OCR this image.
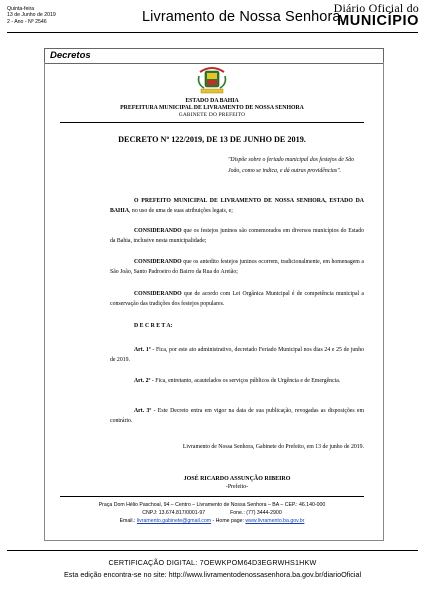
Quinta-feira
13 de Junho de 2019
2 - Ano - Nº 2546	Livramento de Nossa Senhora
Diário Oficial do
MUNICÍPIO
Decretos
ESTADO DA BAHIA
PREFEITURA MUNICIPAL DE LIVRAMENTO DE NOSSA SENHORA
GABINETE DO PREFEITO
DECRETO Nº 122/2019, DE 13 DE JUNHO DE 2019.
"Dispõe sobre o feriado municipal dos festejos de São João, como se indica, e dá outras providências".
O PREFEITO MUNICIPAL DE LIVRAMENTO DE NOSSA SENHORA, ESTADO DA BAHIA, no uso de uma de suas atribuições legais, e;
CONSIDERANDO que os festejos juninos são comemorados em diversos municípios do Estado da Bahia, inclusive nesta municipalidade;
CONSIDERANDO que os antedito festejos juninos ocorrem, tradicionalmente, em homenagem a São João, Santo Padroeiro do Bairro da Rua do Areião;
CONSIDERANDO que de acordo com Lei Orgânica Municipal é de competência municipal a conservação das tradições dos festejos populares.
D E C R E T A:
Art. 1º - Fica, por este ato administrativo, decretado Feriado Municipal nos dias 24 e 25 de junho de 2019.
Art. 2º - Fica, entretanto, acautelados os serviços públicos de Urgência e de Emergência.
Art. 3º - Este Decreto entra em vigor na data de sua publicação, revogadas as disposições em contrário.
Livramento de Nossa Senhora, Gabinete do Prefeito, em 13 de junho de 2019.
JOSÉ RICARDO ASSUNÇÃO RIBEIRO
-Prefeito-
Praça Dom Hélio Paschoal, 94 – Centro – Livramento de Nossa Senhora – BA – CEP.: 46.140-000
CNPJ: 13.674.817/0001-97	Fone.: (77) 3444-2900
Email.: livramento.gabinete@gmail.com - Home page: www.livramento.ba.gov.br
CERTIFICAÇÃO DIGITAL: 7OEWKPOM64D3EGRWHS1HKW
Esta edição encontra-se no site: http://www.livramentodenossasenhora.ba.gov.br/diarioOficial
